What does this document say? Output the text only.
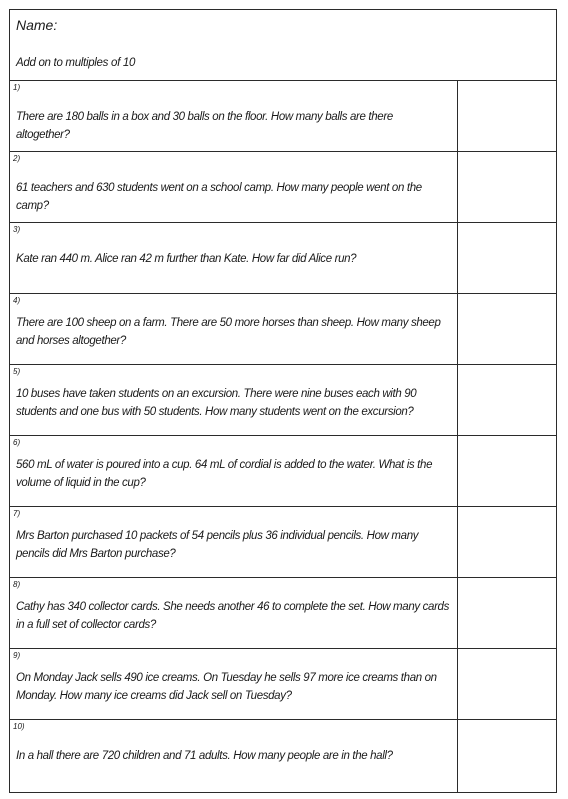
Name:
Add on to multiples of 10
1)
There are 180 balls in a box and 30 balls on the floor. How many balls are there altogether?
2)
61 teachers and 630 students went on a school camp. How many people went on the camp?
3)
Kate ran 440 m. Alice ran 42 m further than Kate. How far did Alice run?
4)
There are 100 sheep on a farm. There are 50 more horses than sheep. How many sheep and horses altogether?
5)
10 buses have taken students on an excursion. There were nine buses each with 90 students and one bus with 50 students. How many students went on the excursion?
6)
560 mL of water is poured into a cup. 64 mL of cordial is added to the water. What is the volume of liquid in the cup?
7)
Mrs Barton purchased 10 packets of 54 pencils plus 36 individual pencils. How many pencils did Mrs Barton purchase?
8)
Cathy has 340 collector cards. She needs another 46 to complete the set. How many cards in a full set of collector cards?
9)
On Monday Jack sells 490 ice creams. On Tuesday he sells 97 more ice creams than on Monday. How many ice creams did Jack sell on Tuesday?
10)
In a hall there are 720 children and 71 adults. How many people are in the hall?
